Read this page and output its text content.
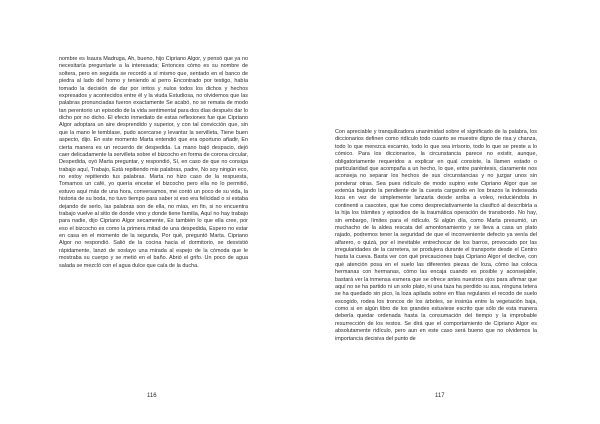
nombre es Isaura Madruga, Ah, bueno, hijo Cipriano Algor, y pensó que ya no necesitaría preguntarle a la interesada; Entonces cómo es su nombre de soltera, pero en seguida se recordó a sí mismo que, sentado en el banco de piedra al lado del horno y teniendo al perro Encontrado por testigo, había tomado la decisión de dar por irritos y nulos todos los dichos y hechos expresados y acontecidos entre él y la viuda Estudiosa, no olvidemos que las palabras pronunciadas fueron exactamente Se acabó, no se remata de modo tan perentorio un episodio de la vida sentimental para dos días después dar lo dicho por no dicho. El efecto inmediato de estas reflexiones fue que Cipriano Algor adoptara un aire desprendido y superior, y con tal convicción que, sin que la mano le temblase, pudo acercarse y levantar la servilleta, Tiene buen aspecto, dijo. En este momento Marta entendió que era oportuno añadir, En cierta manera es un recuerdo de despedida. La mano bajó despacio, dejó caer delicadamente la servilleta sobre el bizcocho en forma de corona circular, Despedida, oyó Marta preguntar, y respondió, Sí, en caso de que no consiga trabajo aquí, Trabajo, Está repitiendo mis palabras, padre, No soy ningún eco, no estoy repitiendo tus palabras. Marta no hizo caso de la respuesta, Tomamos un café, yo quería encetar el bizcocho pero ella no lo permitió, estuvo aquí más de una hora, conversamos, me contó un poco de su vida, la historia de su boda, no tuvo tiempo para saber si eso era felicidad o si estaba dejando de serlo, las palabras son de ella, no mías, en fin, si no encuentra trabajo vuelve al sitio de donde vino y donde tiene familia, Aquí no hay trabajo para nadie, dijo Cipriano Algor secamente, Es también lo que ella cree, por eso el bizcocho es como la primera mitad de una despedida, Espero no estar en casa en el momento de la segunda, Por qué, preguntó Marta. Cipriano Algor no respondió. Salió de la cocina hacia el dormitorio, se desvistió rápidamente, lanzó de soslayo una mirada al espejo de la cómoda que le mostraba su cuerpo y se metió en el baño. Abrió el grifo. Un poco de agua salada se mezcló con el agua dulce que caía de la ducha.
116
Con apreciable y tranquilizadora unanimidad sobre el significado de la palabra, los diccionarios definen como ridículo todo cuanto se muestre digno de risa y chanza, todo lo que merezca escarnio, todo lo que sea irrisorio, todo lo que se preste a lo cómico. Para los diccionarios, la circunstancia parece no existir, aunque, obligatoriamente requeridos a explicar en qual consiste, la llamen estado o particularidad que acompaña a un hecho, lo que, entre paréntesis, claramente nos aconseja no separar los hechos de sus circunstancias y no juzgar unos sin ponderar otras. Sea pues ridículo de modo supino este Cipriano Algor que se extenúa bajando la pendiente de la cuesta cargando en los brazos la indeseada loza en vez de simplemente lanzarla desde arriba a voleo, reduciéndola in continenti a cascotes, que fue como despreciativamente la clasificó al describirla a la hija los trámites y episodios de la traumática operación de transbordo. No hay, sin embargo, límites para el ridículo. Si algún día, como Marta presumió, un muchacho de la aldea rescata del amontonamiento y se lleva a casa un plato rajado, podremos tener la seguridad de que el inconveniente defecto ya venía del alfarero, o quizá, por el inevitable entrechocar de los barros, provocado por las irregularidades de la carretera, se produjera durante el transporte desde el Centro hasta la cueva. Basta ver con qué precauciones baja Cipriano Algor el declive, con qué atención posa en el suelo las diferentes piezas de loza, cómo las coloca hermanas con hermanas, cómo las encaja cuando es posible y aconsejable, bastará ver la inmensa esmera que se ofrece antes nuestros ojos para afirmar que aquí no se ha partido ni un solo plato, ni una taza ha perdido su asa, ninguna tetera se ha quedado sin pico, la loza apilada sobre en filas regulares el recodo de suelo escogido, rodea los troncos de los árboles, se insinúa entre la vegetación baja, como si en algún libro de los grandes estuviese escrito que sólo de esta manera debería quedar ordenada hasta la consumación del tiempo y la improbable resurrección de los restos. Se dirá que el comportamiento de Cipriano Algor es absolutamente ridículo, pero aun en este caso será bueno que no olvidemos la importancia decisiva del punto de
117
